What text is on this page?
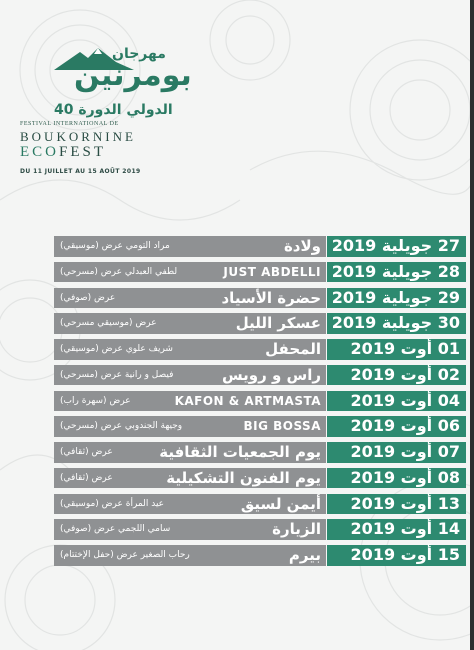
مهرجان
بومرنين
الدولي الدورة 40
FESTIVAL INTERNATIONAL DE
BOUKORNINE
ECOFEST
DU 11 JUILLET AU 15 AOÛT 2019
27 جويلية 2019
ولادة
مراد التومي عرض (موسيقي)
28 جويلية 2019
JUST ABDELLI
لطفي العبدلي عرض (مسرحي)
29 جويلية 2019
حضرة الأسياد
عرض (صوفي)
30 جويلية 2019
عسكر الليل
عرض (موسيقي مسرحي)
01 أوت 2019
المحفل
شريف علوي عرض (موسيقي)
02 أوت 2019
راس و رويس
فيصل و رانية عرض (مسرحي)
04 أوت 2019
KAFON & ARTMASTA
عرض (سهرة راب)
06 أوت 2019
BIG BOSSA
وجيهة الجندوبي عرض (مسرحي)
07 أوت 2019
يوم الجمعيات الثقافية
عرض (ثقافي)
08 أوت 2019
يوم الفنون التشكيلية
عرض (ثقافي)
13 أوت 2019
أيمن لسيق
عيد المرأة عرض (موسيقي)
14 أوت 2019
الزيارة
سامي اللجمي عرض (صوفي)
15 أوت 2019
بيرم
رحاب الصغير عرض (حفل الإختتام)
